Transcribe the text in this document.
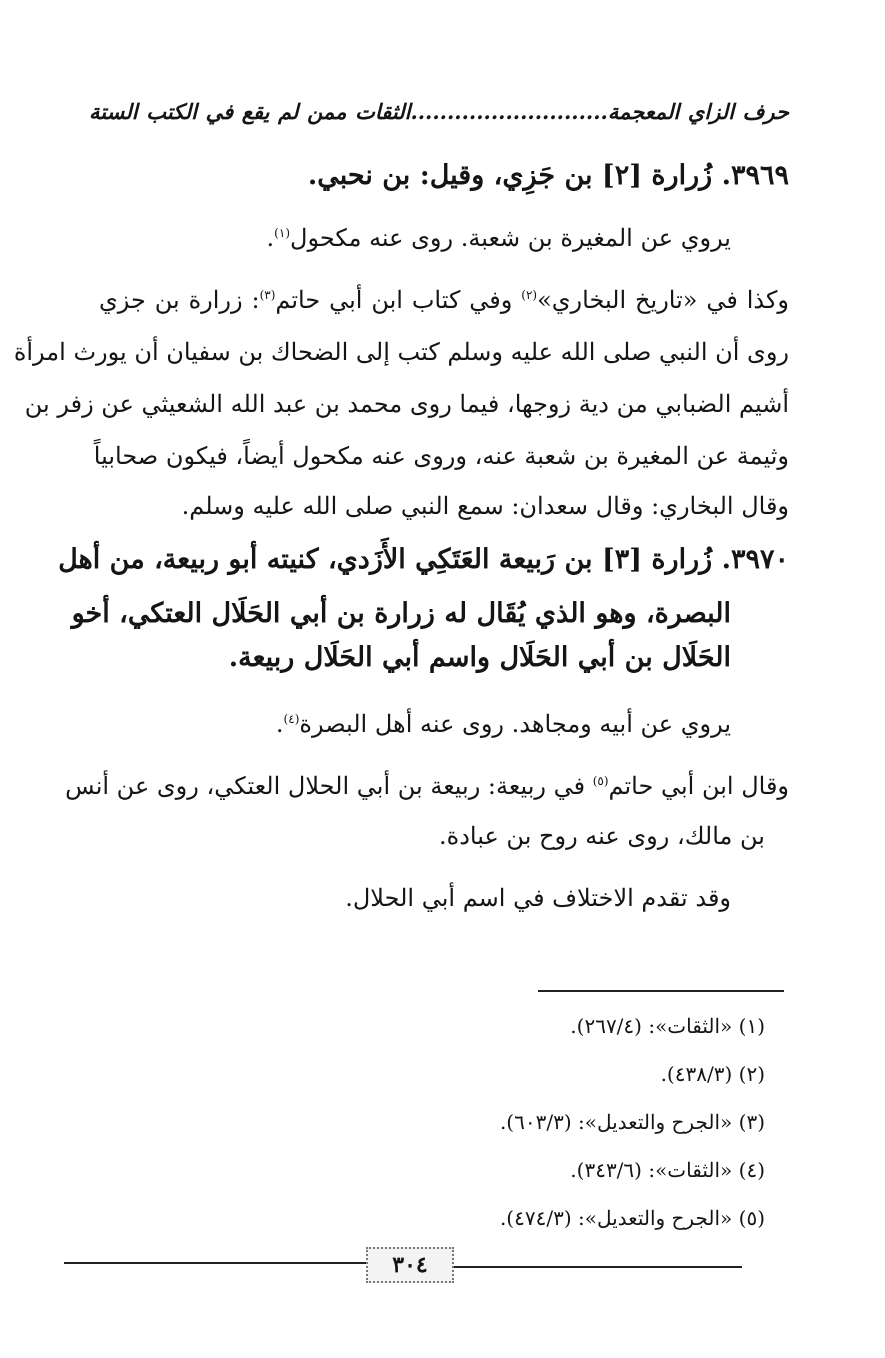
حرف الزاي المعجمة...........................الثقات ممن لم يقع في الكتب الستة
٣٩٦٩. زُرارة [٢] بن جَزِي، وقيل: بن نحبي.
يروي عن المغيرة بن شعبة. روى عنه مكحول$^{(١)}$.
وكذا في «تاريخ البخاري»$^{(٢)}$ وفي كتاب ابن أبي حاتم$^{(٣)}$: زرارة بن جزي
روى أن النبي صلى الله عليه وسلم كتب إلى الضحاك بن سفيان أن يورث امرأة
أشيم الضبابي من دية زوجها، فيما روى محمد بن عبد الله الشعيثي عن زفر بن
وثيمة عن المغيرة بن شعبة عنه، وروى عنه مكحول أيضاً، فيكون صحابياً
وقال البخاري: وقال سعدان: سمع النبي صلى الله عليه وسلم.
٣٩٧٠. زُرارة [٣] بن رَبيعة العَتَكِي الأَزَدي، كنيته أبو ربيعة، من أهل
البصرة، وهو الذي يُقَال له زرارة بن أبي الحَلَال العتكي، أخو
الحَلَال بن أبي الحَلَال واسم أبي الحَلَال ربيعة.
يروي عن أبيه ومجاهد. روى عنه أهل البصرة$^{(٤)}$.
وقال ابن أبي حاتم$^{(٥)}$ في ربيعة: ربيعة بن أبي الحلال العتكي، روى عن أنس
بن مالك، روى عنه روح بن عبادة.
وقد تقدم الاختلاف في اسم أبي الحلال.
(١) «الثقات»: (٢٦٧/٤).
(٢) (٤٣٨/٣).
(٣) «الجرح والتعديل»: (٦٠٣/٣).
(٤) «الثقات»: (٣٤٣/٦).
(٥) «الجرح والتعديل»: (٤٧٤/٣).
٣٠٤
